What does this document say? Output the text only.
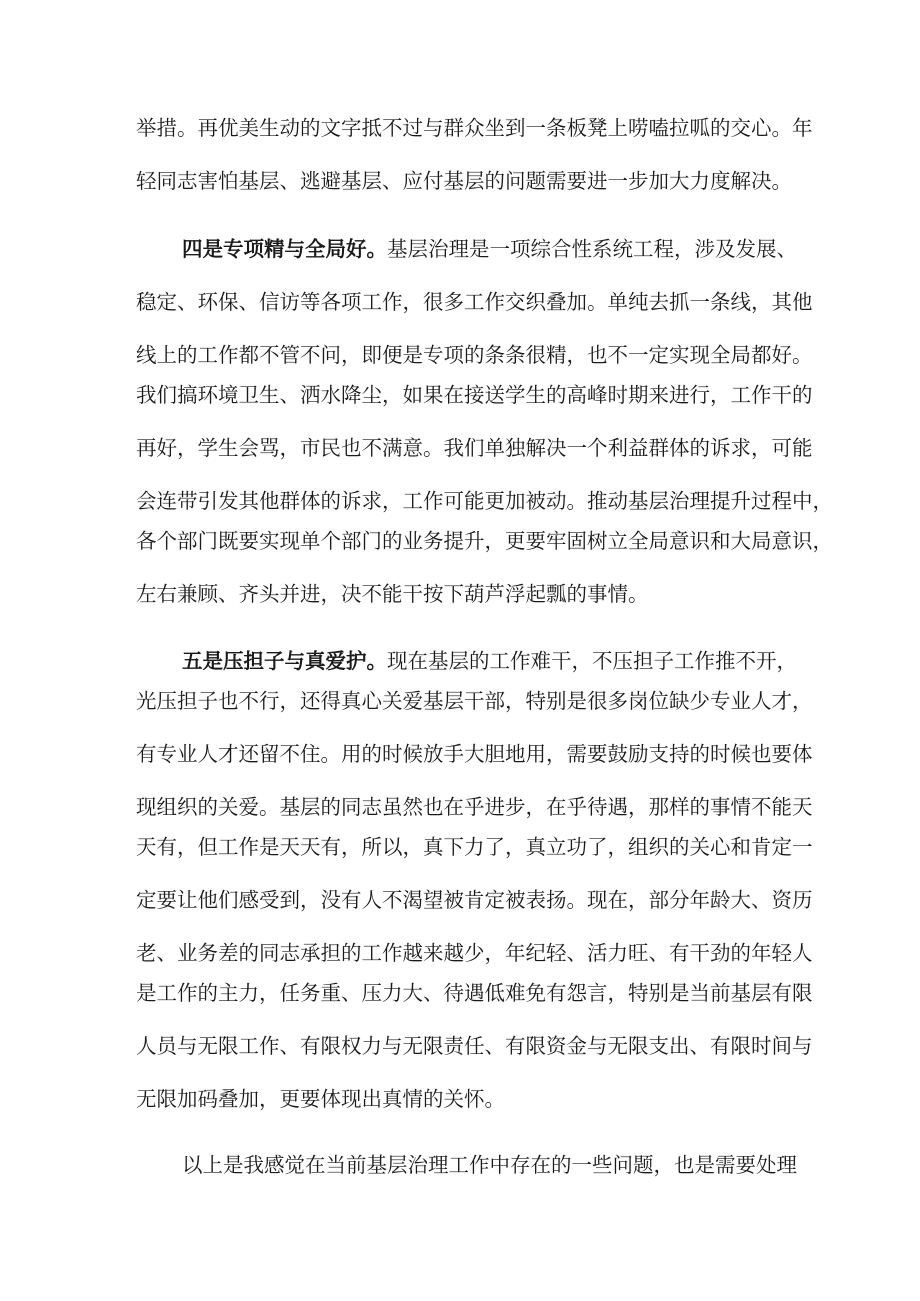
举措。再优美生动的文字抵不过与群众坐到一条板凳上唠嗑拉呱的交心。年

轻同志害怕基层、逃避基层、应付基层的问题需要进一步加大力度解决。

四是专项精与全局好。基层治理是一项综合性系统工程，涉及发展、

稳定、环保、信访等各项工作，很多工作交织叠加。单纯去抓一条线，其他

线上的工作都不管不问，即便是专项的条条很精，也不一定实现全局都好。

我们搞环境卫生、洒水降尘，如果在接送学生的高峰时期来进行，工作干的

再好，学生会骂，市民也不满意。我们单独解决一个利益群体的诉求，可能

会连带引发其他群体的诉求，工作可能更加被动。推动基层治理提升过程中，

各个部门既要实现单个部门的业务提升，更要牢固树立全局意识和大局意识，

左右兼顾、齐头并进，决不能干按下葫芦浮起瓢的事情。

五是压担子与真爱护。现在基层的工作难干，不压担子工作推不开，

光压担子也不行，还得真心关爱基层干部，特别是很多岗位缺少专业人才，

有专业人才还留不住。用的时候放手大胆地用，需要鼓励支持的时候也要体

现组织的关爱。基层的同志虽然也在乎进步，在乎待遇，那样的事情不能天

天有，但工作是天天有，所以，真下力了，真立功了，组织的关心和肯定一

定要让他们感受到，没有人不渴望被肯定被表扬。现在，部分年龄大、资历

老、业务差的同志承担的工作越来越少，年纪轻、活力旺、有干劲的年轻人

是工作的主力，任务重、压力大、待遇低难免有怨言，特别是当前基层有限

人员与无限工作、有限权力与无限责任、有限资金与无限支出、有限时间与

无限加码叠加，更要体现出真情的关怀。

以上是我感觉在当前基层治理工作中存在的一些问题，也是需要处理
